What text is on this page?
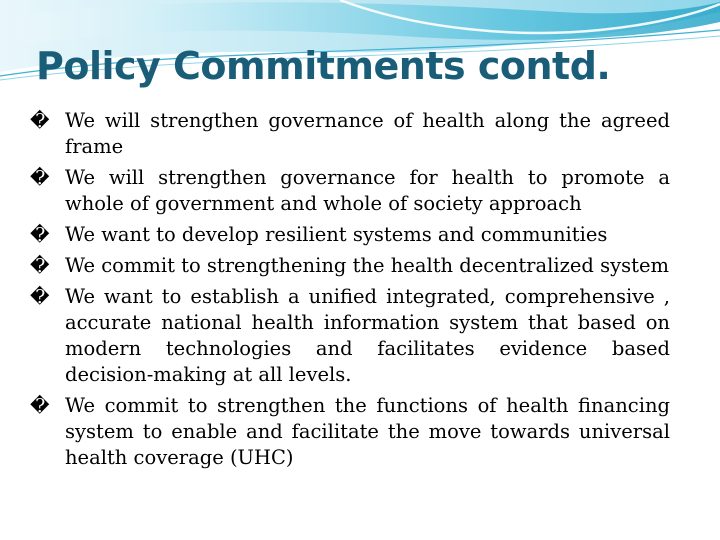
Policy Commitments contd.
� We will strengthen governance of health along the agreed frame
� We will strengthen governance for health to promote a whole of government and whole of society approach
� We want to develop resilient systems and communities
� We commit to strengthening the health decentralized system
� We want to establish a unified integrated, comprehensive , accurate national health information system that based on modern technologies and facilitates evidence based decision-making at all levels.
� We commit to strengthen the functions of health financing system to enable and facilitate the move towards universal health coverage (UHC)
